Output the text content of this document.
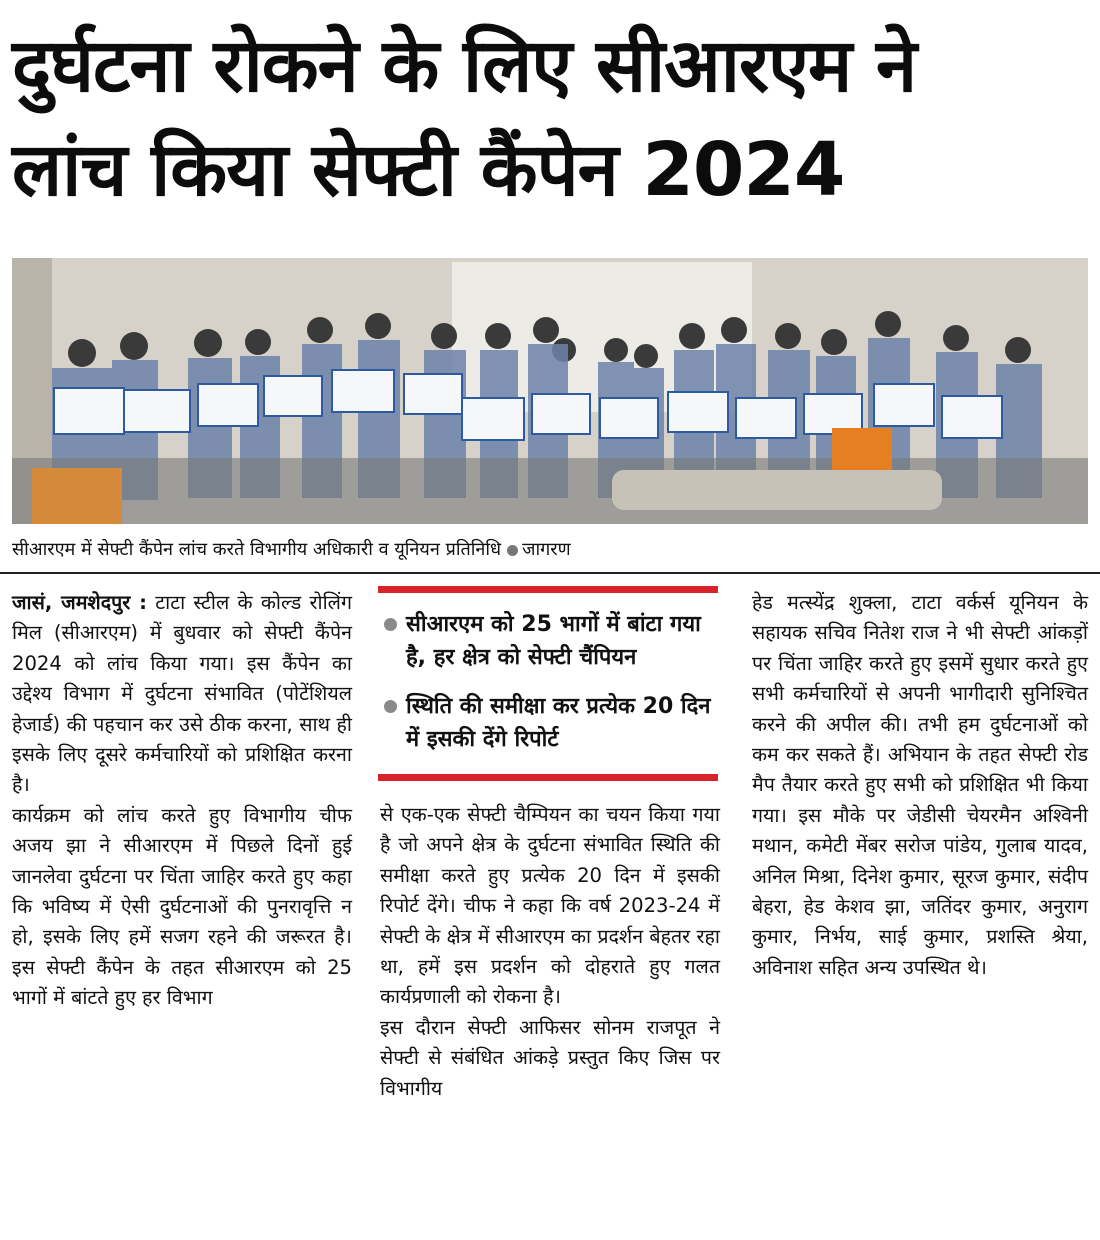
दुर्घटना रोकने के लिए सीआरएम ने
लांच किया सेफ्टी कैंपेन 2024
सीआरएम में सेफ्टी कैंपेन लांच करते विभागीय अधिकारी व यूनियन प्रतिनिधि जागरण

जासं, जमशेदपुर : टाटा स्टील के कोल्ड रोलिंग मिल (सीआरएम) में बुधवार को सेफ्टी कैंपेन 2024 को लांच किया गया। इस कैंपेन का उद्देश्य विभाग में दुर्घटना संभावित (पोटेंशियल हेजार्ड) की पहचान कर उसे ठीक करना, साथ ही इसके लिए दूसरे कर्मचारियों को प्रशिक्षित करना है।

कार्यक्रम को लांच करते हुए विभागीय चीफ अजय झा ने सीआरएम में पिछले दिनों हुई जानलेवा दुर्घटना पर चिंता जाहिर करते हुए कहा कि भविष्य में ऐसी दुर्घटनाओं की पुनरावृत्ति न हो, इसके लिए हमें सजग रहने की जरूरत है। इस सेफ्टी कैंपेन के तहत सीआरएम को 25 भागों में बांटते हुए हर विभाग

सीआरएम को 25 भागों में बांटा गया है, हर क्षेत्र को सेफ्टी चैंपियन
स्थिति की समीक्षा कर प्रत्येक 20 दिन में इसकी देंगे रिपोर्ट

से एक-एक सेफ्टी चैम्पियन का चयन किया गया है जो अपने क्षेत्र के दुर्घटना संभावित स्थिति की समीक्षा करते हुए प्रत्येक 20 दिन में इसकी रिपोर्ट देंगे। चीफ ने कहा कि वर्ष 2023-24 में सेफ्टी के क्षेत्र में सीआरएम का प्रदर्शन बेहतर रहा था, हमें इस प्रदर्शन को दोहराते हुए गलत कार्यप्रणाली को रोकना है।

इस दौरान सेफ्टी आफिसर सोनम राजपूत ने सेफ्टी से संबंधित आंकड़े प्रस्तुत किए जिस पर विभागीय

हेड मत्स्येंद्र शुक्ला, टाटा वर्कर्स यूनियन के सहायक सचिव नितेश राज ने भी सेफ्टी आंकड़ों पर चिंता जाहिर करते हुए इसमें सुधार करते हुए सभी कर्मचारियों से अपनी भागीदारी सुनिश्चित करने की अपील की। तभी हम दुर्घटनाओं को कम कर सकते हैं। अभियान के तहत सेफ्टी रोड मैप तैयार करते हुए सभी को प्रशिक्षित भी किया गया। इस मौके पर जेडीसी चेयरमैन अश्विनी मथान, कमेटी मेंबर सरोज पांडेय, गुलाब यादव, अनिल मिश्रा, दिनेश कुमार, सूरज कुमार, संदीप बेहरा, हेड केशव झा, जतिंदर कुमार, अनुराग कुमार, निर्भय, साई कुमार, प्रशस्ति श्रेया, अविनाश सहित अन्य उपस्थित थे।
